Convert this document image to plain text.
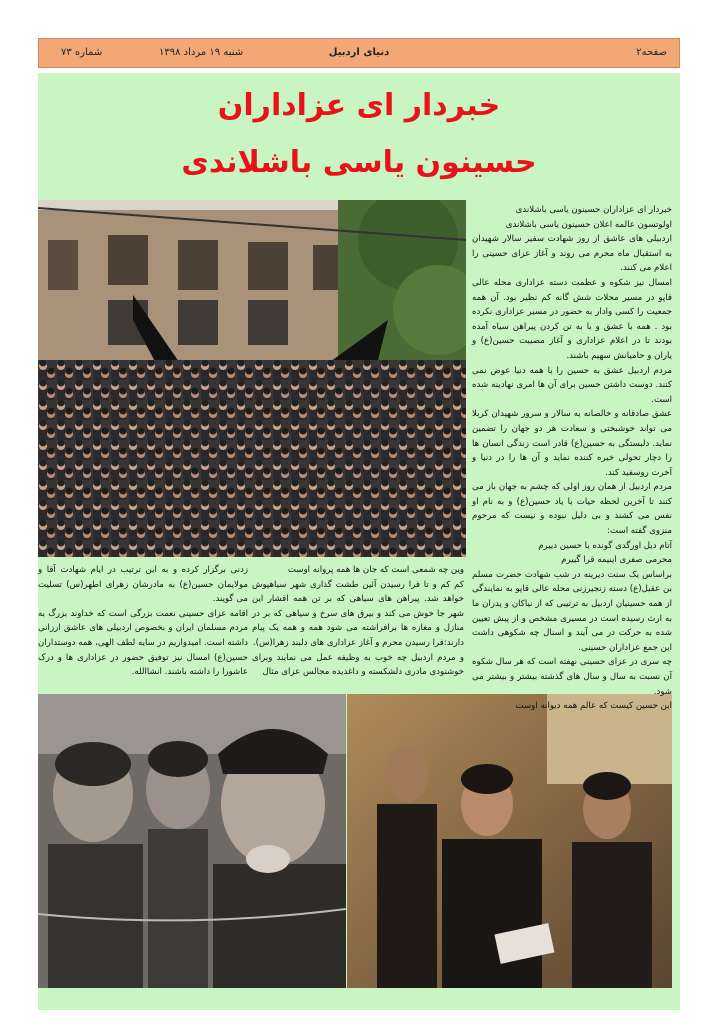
صفحه۲
دنیای اردبیل
شنبه ۱۹ مرداد ۱۳۹۸
شماره ۷۳
خبردار ای عزاداران
حسینون یاسی باشلاندی

خبردار ای عزاداران حسینون یاسی باشلاندی

اولوتسون عالمه اعلان حسینون یاسی باشلاندی

اردبیلی های عاشق از روز شهادت سفیر سالار شهیدان به استقبال ماه محرم می روند و آغاز عزای حسینی را اعلام می کنند.

امسال نیز شکوه و عظمت دسته عزاداری محله عالی قاپو در مسیر محلات شش گانه کم نظیر بود. آن همه جمعیت را کسی وادار به حضور در مسیر عزاداری نکرده بود . همه با عشق و با به تن کردن پیراهن سیاه آمده بودند تا در اعلام عزاداری و آغاز مصیبت حسین(ع) و یاران و حامیانش سهیم باشند.

مردم اردبیل عشق به حسین را با همه دنیا عوض نمی کنند. دوست داشتن حسین برای آن ها امری نهادینه شده است.

عشق صادقانه و خالصانه به سالار و سرور شهیدان کربلا می تواند خوشبختی و سعادت هر دو جهان را تضمین نماید. دلبستگی به حسین(ع) قادر است زندگی انسان ها را دچار تحولی خیره کننده نماید و آن ها را در دنیا و آخرت روسفید کند.

مردم اردبیل از همان روز اولی که چشم به جهان باز می کنند تا آخرین لحظه حیات با یاد حسین(ع) و به نام او نفس می کشند و بی دلیل نبوده و نیست که مرحوم منزوی گفته است:

آتام دیل اورگدی گونده یا حسین دییرم

محرمی صفری اینیمه قرا گییرم

براساس یک سنت دیرینه در شب شهادت حضرت مسلم بن عقیل(ع) دسته زنجیرزنی محله عالی قاپو به نمایندگی از همه حسینیان اردبیل به ترتیبی که از نیاکان و پدران ما به ارث رسیده است در مسیری مشخص و از پیش تعیین شده به حرکت در می آیند و اسنال چه شکوهی داشت این جمع عزاداران حسینی.

چه سری در عزای حسینی نهفته است که هر سال شکوه آن نسبت به سال و سال های گذشته بیشتر و بیشتر می شود.

این حسین کیست که عالم همه دیوانه اوست

وین چه شمعی است که جان ها همه پروانه اوست

کم کم و تا فرا رسیدن آئین طشت گذاری شهر سیاهپوش خواهد شد. پیراهن های سیاهی که بر تن همه اقشار این شهر جا خوش می کند و بیرق های سرخ و سیاهی که بر در منازل و مغازه ها برافراشته می شود همه و همه یک پیام دارند:فرا رسیدن محرم و آغاز عزاداری های دلبند زهرا(س).

و مردم اردبیل چه خوب به وظیفه عمل می نمایند وبرای خوشنودی مادری دلشکسته و داغدیده مجالس عزای مثال

زدنی برگزار کرده و به این ترتیب در ایام شهادت آقا و مولایمان حسین(ع) به مادرشان زهرای اطهر(س) تسلیت می گویند.

اقامه عزای حسینی نعمت بزرگی است که خداوند بزرگ به مردم مسلمان ایران و بخصوص اردبیلی های عاشق ارزانی داشته است. امیدواریم در سایه لطف الهی، همه دوستداران حسین(ع) امسال نیز توفیق حضور در عزاداری ها و درک عاشورا را داشته باشند. انشاالله.
